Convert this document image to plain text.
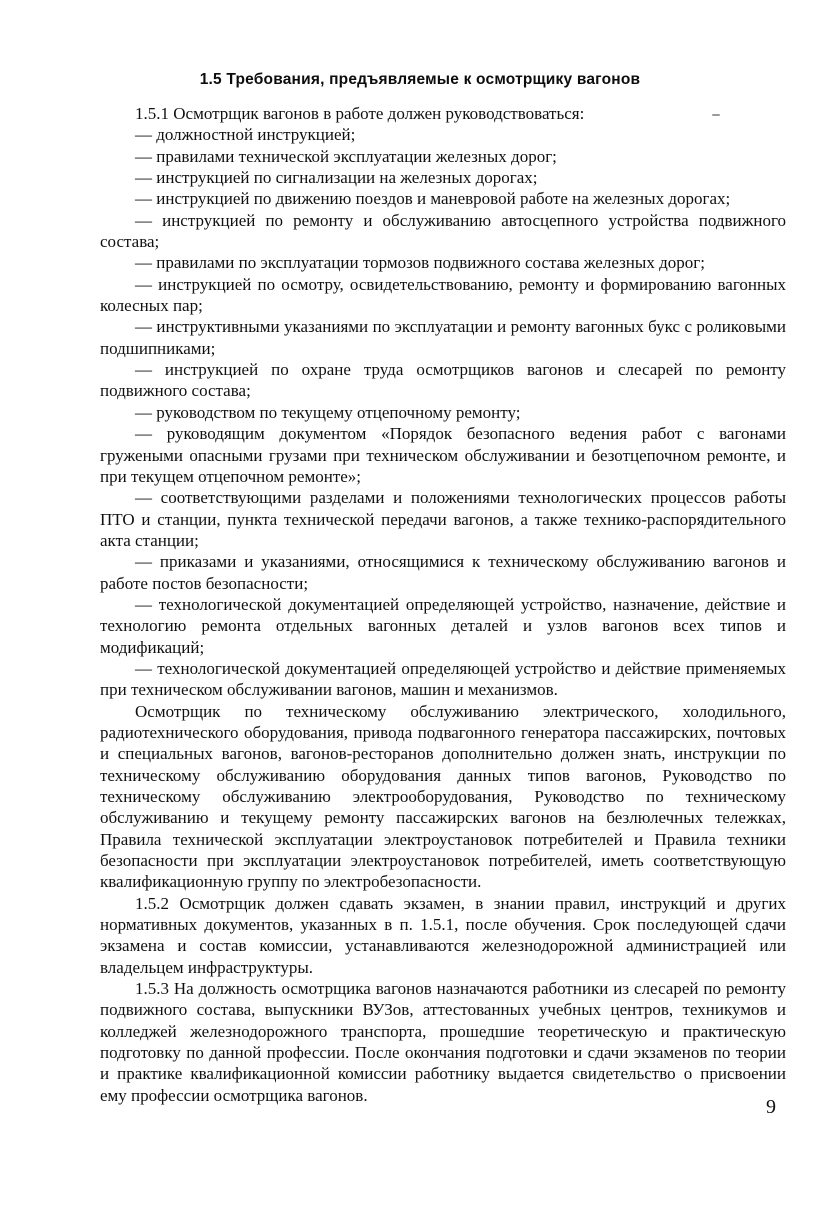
1.5 Требования, предъявляемые к осмотрщику вагонов

1.5.1 Осмотрщик вагонов в работе должен руководствоваться:

— должностной инструкцией;

— правилами технической эксплуатации железных дорог;

— инструкцией по сигнализации на железных дорогах;

— инструкцией по движению поездов и маневровой работе на железных дорогах;

— инструкцией по ремонту и обслуживанию автосцепного устройства подвижного состава;

— правилами по эксплуатации тормозов подвижного состава железных дорог;

— инструкцией по осмотру, освидетельствованию, ремонту и формированию вагонных колесных пар;

— инструктивными указаниями по эксплуатации и ремонту вагонных букс с роликовыми подшипниками;

— инструкцией по охране труда осмотрщиков вагонов и слесарей по ремонту подвижного состава;

— руководством по текущему отцепочному ремонту;

— руководящим документом «Порядок безопасного ведения работ с вагонами гружеными опасными грузами при техническом обслуживании и безотцепочном ремонте, и при текущем отцепочном ремонте»;

— соответствующими разделами и положениями технологических процессов работы ПТО и станции, пункта технической передачи вагонов, а также технико-распорядительного акта станции;

— приказами и указаниями, относящимися к техническому обслуживанию вагонов и работе постов безопасности;

— технологической документацией определяющей устройство, назначение, действие и технологию ремонта отдельных вагонных деталей и узлов вагонов всех типов и модификаций;

— технологической документацией определяющей устройство и действие применяемых при техническом обслуживании вагонов, машин и механизмов.

Осмотрщик по техническому обслуживанию электрического, холодильного, радиотехнического оборудования, привода подвагонного генератора пассажирских, почтовых и специальных вагонов, вагонов-ресторанов дополнительно должен знать, инструкции по техническому обслуживанию оборудования данных типов вагонов, Руководство по техническому обслуживанию электрооборудования, Руководство по техническому обслуживанию и текущему ремонту пассажирских вагонов на безлюлечных тележках, Правила технической эксплуатации электроустановок потребителей и Правила техники безопасности при эксплуатации электроустановок потребителей, иметь соответствующую квалификационную группу по электробезопасности.

1.5.2 Осмотрщик должен сдавать экзамен, в знании правил, инструкций и других нормативных документов, указанных в п. 1.5.1, после обучения. Срок последующей сдачи экзамена и состав комиссии, устанавливаются железнодорожной администрацией или владельцем инфраструктуры.

1.5.3 На должность осмотрщика вагонов назначаются работники из слесарей по ремонту подвижного состава, выпускники ВУЗов, аттестованных учебных центров, техникумов и колледжей железнодорожного транспорта, прошедшие теоретическую и практическую подготовку по данной профессии. После окончания подготовки и сдачи экзаменов по теории и практике квалификационной комиссии работнику выдается свидетельство о присвоении ему профессии осмотрщика вагонов.

9
